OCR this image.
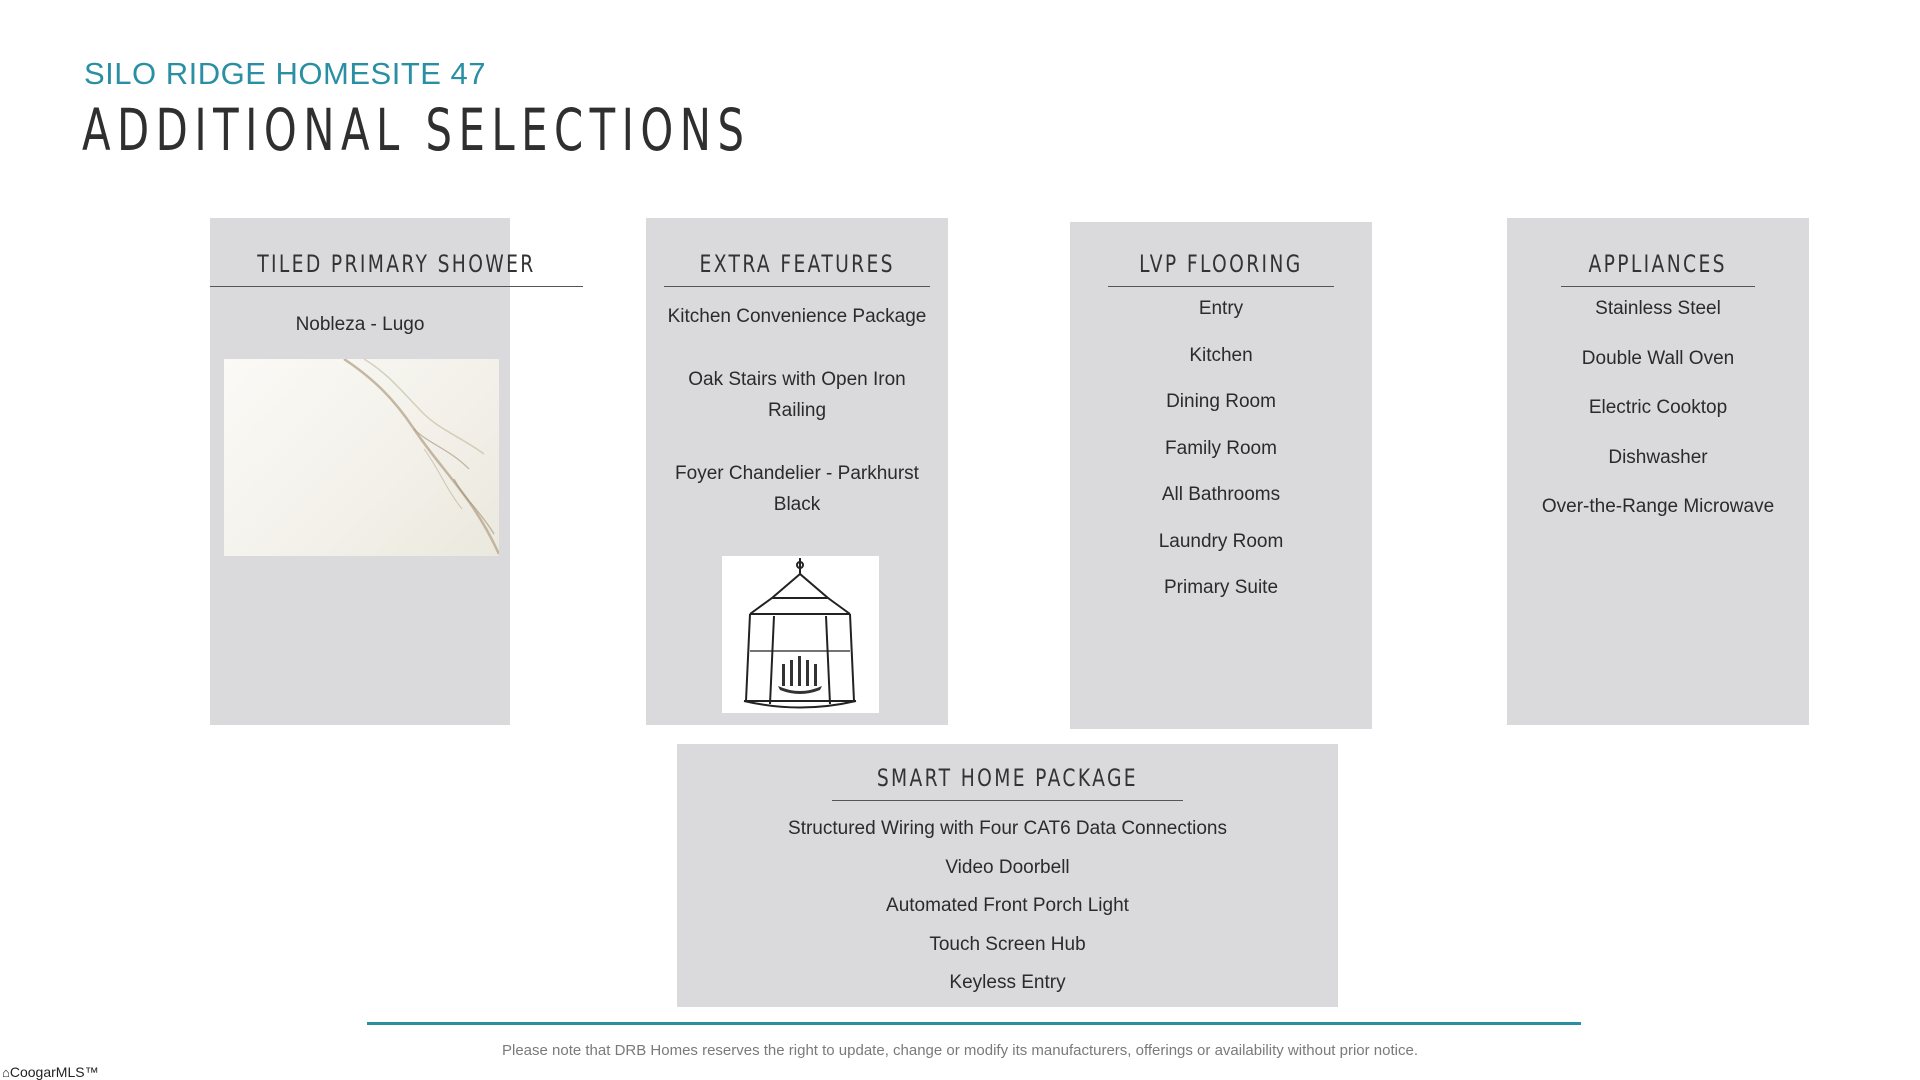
SILO RIDGE HOMESITE 47
ADDITIONAL SELECTIONS
TILED PRIMARY SHOWER
Nobleza - Lugo
EXTRA FEATURES
Kitchen Convenience Package
Oak Stairs with Open Iron Railing
Foyer Chandelier - Parkhurst Black
LVP FLOORING
Entry
Kitchen
Dining Room
Family Room
All Bathrooms
Laundry Room
Primary Suite
APPLIANCES
Stainless Steel
Double Wall Oven
Electric Cooktop
Dishwasher
Over-the-Range Microwave
SMART HOME PACKAGE
Structured Wiring with Four CAT6 Data Connections
Video Doorbell
Automated Front Porch Light
Touch Screen Hub
Keyless Entry
Please note that DRB Homes reserves the right to update, change or modify its manufacturers, offerings or availability without prior notice.
⌂CoogarMLS™
